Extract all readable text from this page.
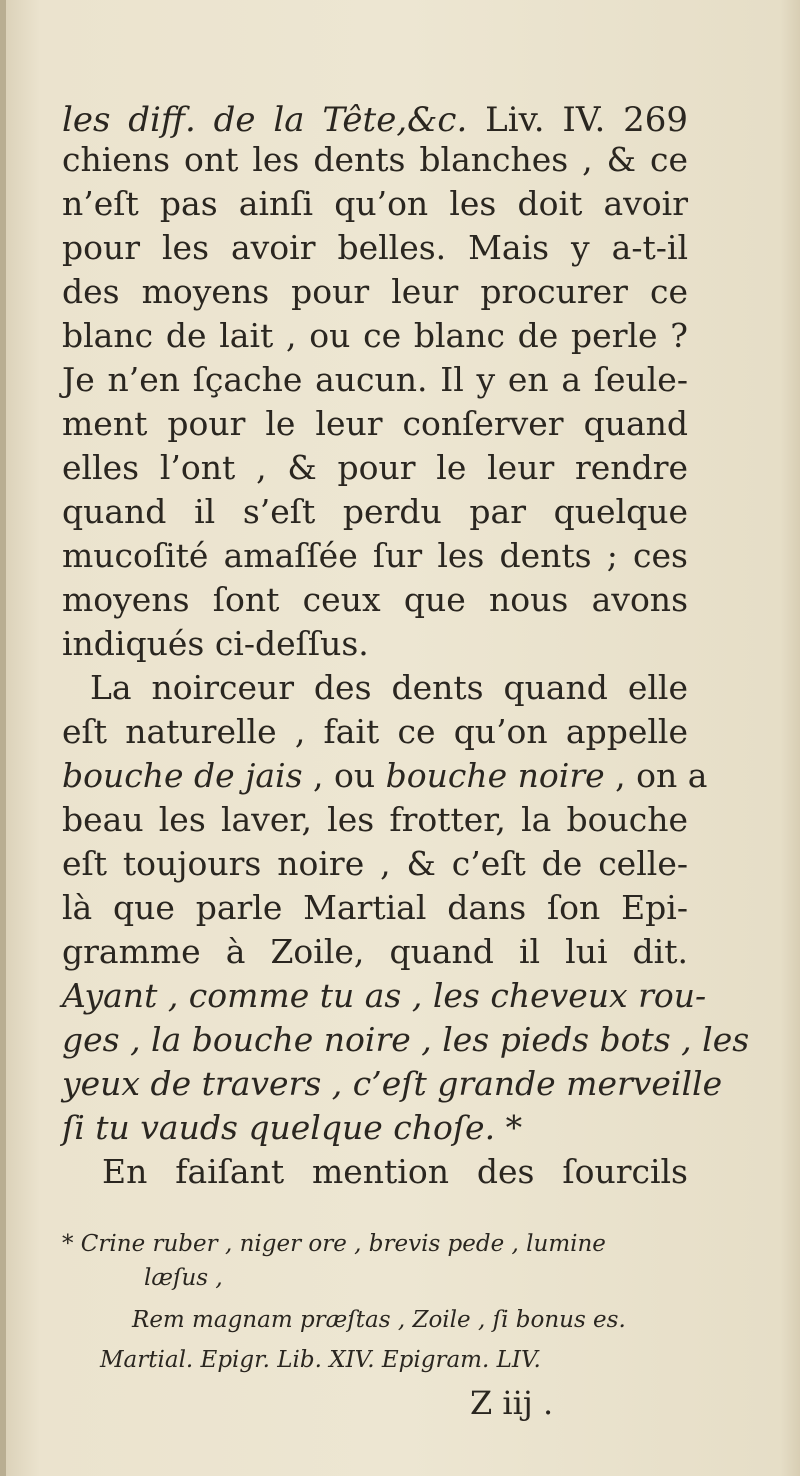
les diff. de la Tête,&c. Liv. IV. 269
chiens ont les dents blanches , & ce
n’eſt pas ainſi qu’on les doit avoir
pour les avoir belles. Mais y a-t-il
des moyens pour leur procurer ce
blanc de lait , ou ce blanc de perle ?
Je n’en ſçache aucun. Il y en a ſeule-
ment pour le leur conſerver quand
elles l’ont , & pour le leur rendre
quand il s’eſt perdu par quelque
mucoſité amaſſée ſur les dents ; ces
moyens ſont ceux que nous avons
indiqués ci-deſſus.
La noirceur des dents quand elle
eſt naturelle , fait ce qu’on appelle
bouche de jais , ou bouche noire , on a
beau les laver, les frotter, la bouche
eſt toujours noire , & c’eſt de celle-
là que parle Martial dans ſon Epi-
gramme à Zoile, quand il lui dit.
Ayant , comme tu as , les cheveux rou-
ges , la bouche noire , les pieds bots , les
yeux de travers , c’eſt grande merveille
ſi tu vauds quelque choſe. *
En faiſant mention des ſourcils
* Crine ruber , niger ore , brevis pede , lumine
læſus ,
Rem magnam præſtas , Zoile , ſi bonus es.
Martial. Epigr. Lib. XIV. Epigram. LIV.
Z iij .
